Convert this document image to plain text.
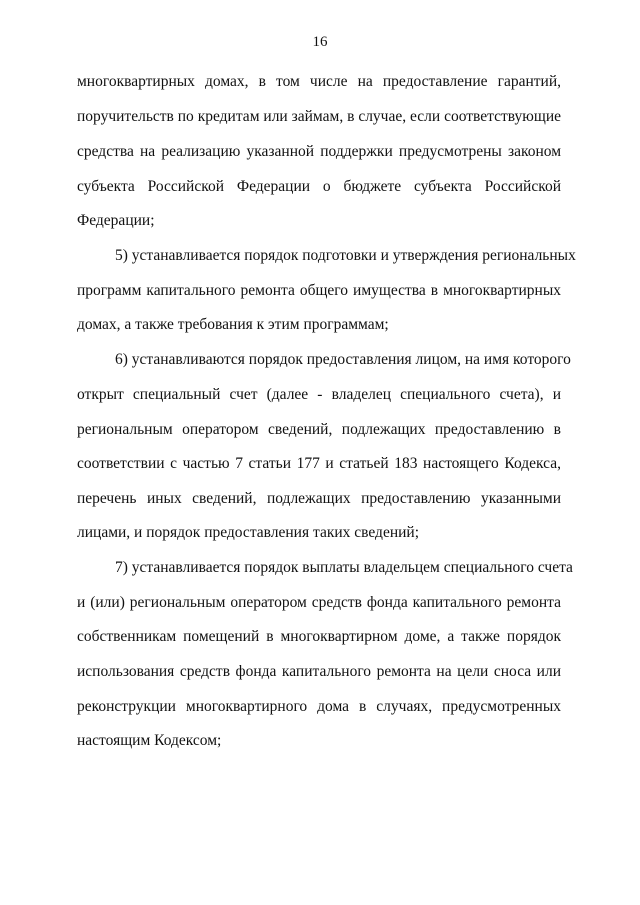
16
многоквартирных домах, в том числе на предоставление гарантий,
поручительств по кредитам или займам, в случае, если соответствующие
средства на реализацию указанной поддержки предусмотрены законом
субъекта Российской Федерации о бюджете субъекта Российской
Федерации;
5) устанавливается порядок подготовки и утверждения региональных
программ капитального ремонта общего имущества в многоквартирных
домах, а также требования к этим программам;
6) устанавливаются порядок предоставления лицом, на имя которого
открыт специальный счет (далее - владелец специального счета), и
региональным оператором сведений, подлежащих предоставлению в
соответствии с частью 7 статьи 177 и статьей 183 настоящего Кодекса,
перечень иных сведений, подлежащих предоставлению указанными
лицами, и порядок предоставления таких сведений;
7) устанавливается порядок выплаты владельцем специального счета
и (или) региональным оператором средств фонда капитального ремонта
собственникам помещений в многоквартирном доме, а также порядок
использования средств фонда капитального ремонта на цели сноса или
реконструкции многоквартирного дома в случаях, предусмотренных
настоящим Кодексом;
